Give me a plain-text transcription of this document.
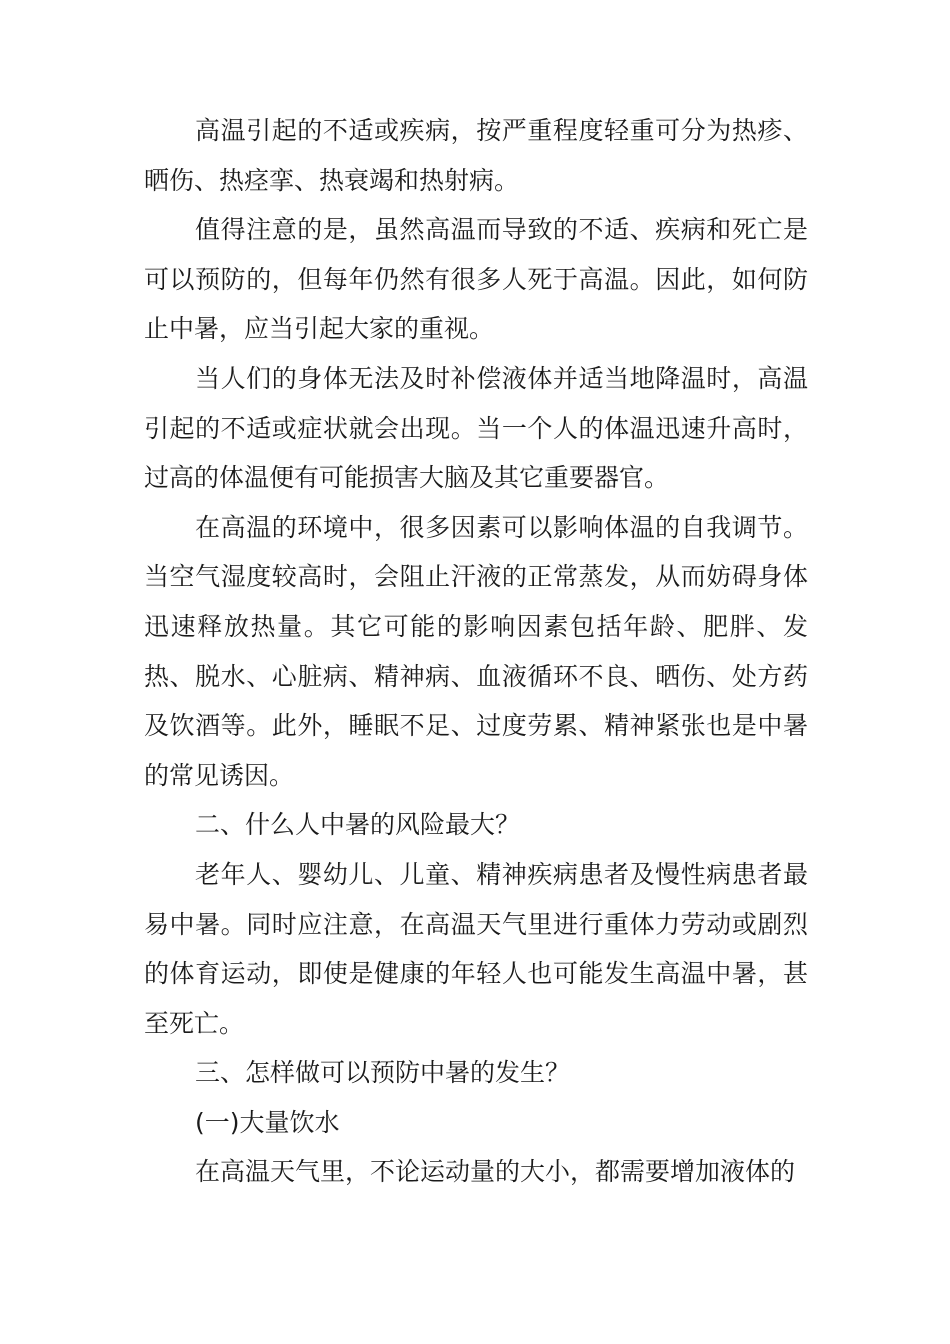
高温引起的不适或疾病，按严重程度轻重可分为热疹、晒伤、热痉挛、热衰竭和热射病。

值得注意的是，虽然高温而导致的不适、疾病和死亡是可以预防的，但每年仍然有很多人死于高温。因此，如何防止中暑，应当引起大家的重视。

当人们的身体无法及时补偿液体并适当地降温时，高温引起的不适或症状就会出现。当一个人的体温迅速升高时，过高的体温便有可能损害大脑及其它重要器官。

在高温的环境中，很多因素可以影响体温的自我调节。当空气湿度较高时，会阻止汗液的正常蒸发，从而妨碍身体迅速释放热量。其它可能的影响因素包括年龄、肥胖、发热、脱水、心脏病、精神病、血液循环不良、晒伤、处方药及饮酒等。此外，睡眠不足、过度劳累、精神紧张也是中暑的常见诱因。

二、什么人中暑的风险最大？

老年人、婴幼儿、儿童、精神疾病患者及慢性病患者最易中暑。同时应注意，在高温天气里进行重体力劳动或剧烈的体育运动，即使是健康的年轻人也可能发生高温中暑，甚至死亡。

三、怎样做可以预防中暑的发生？

(一)大量饮水

在高温天气里，不论运动量的大小，都需要增加液体的
